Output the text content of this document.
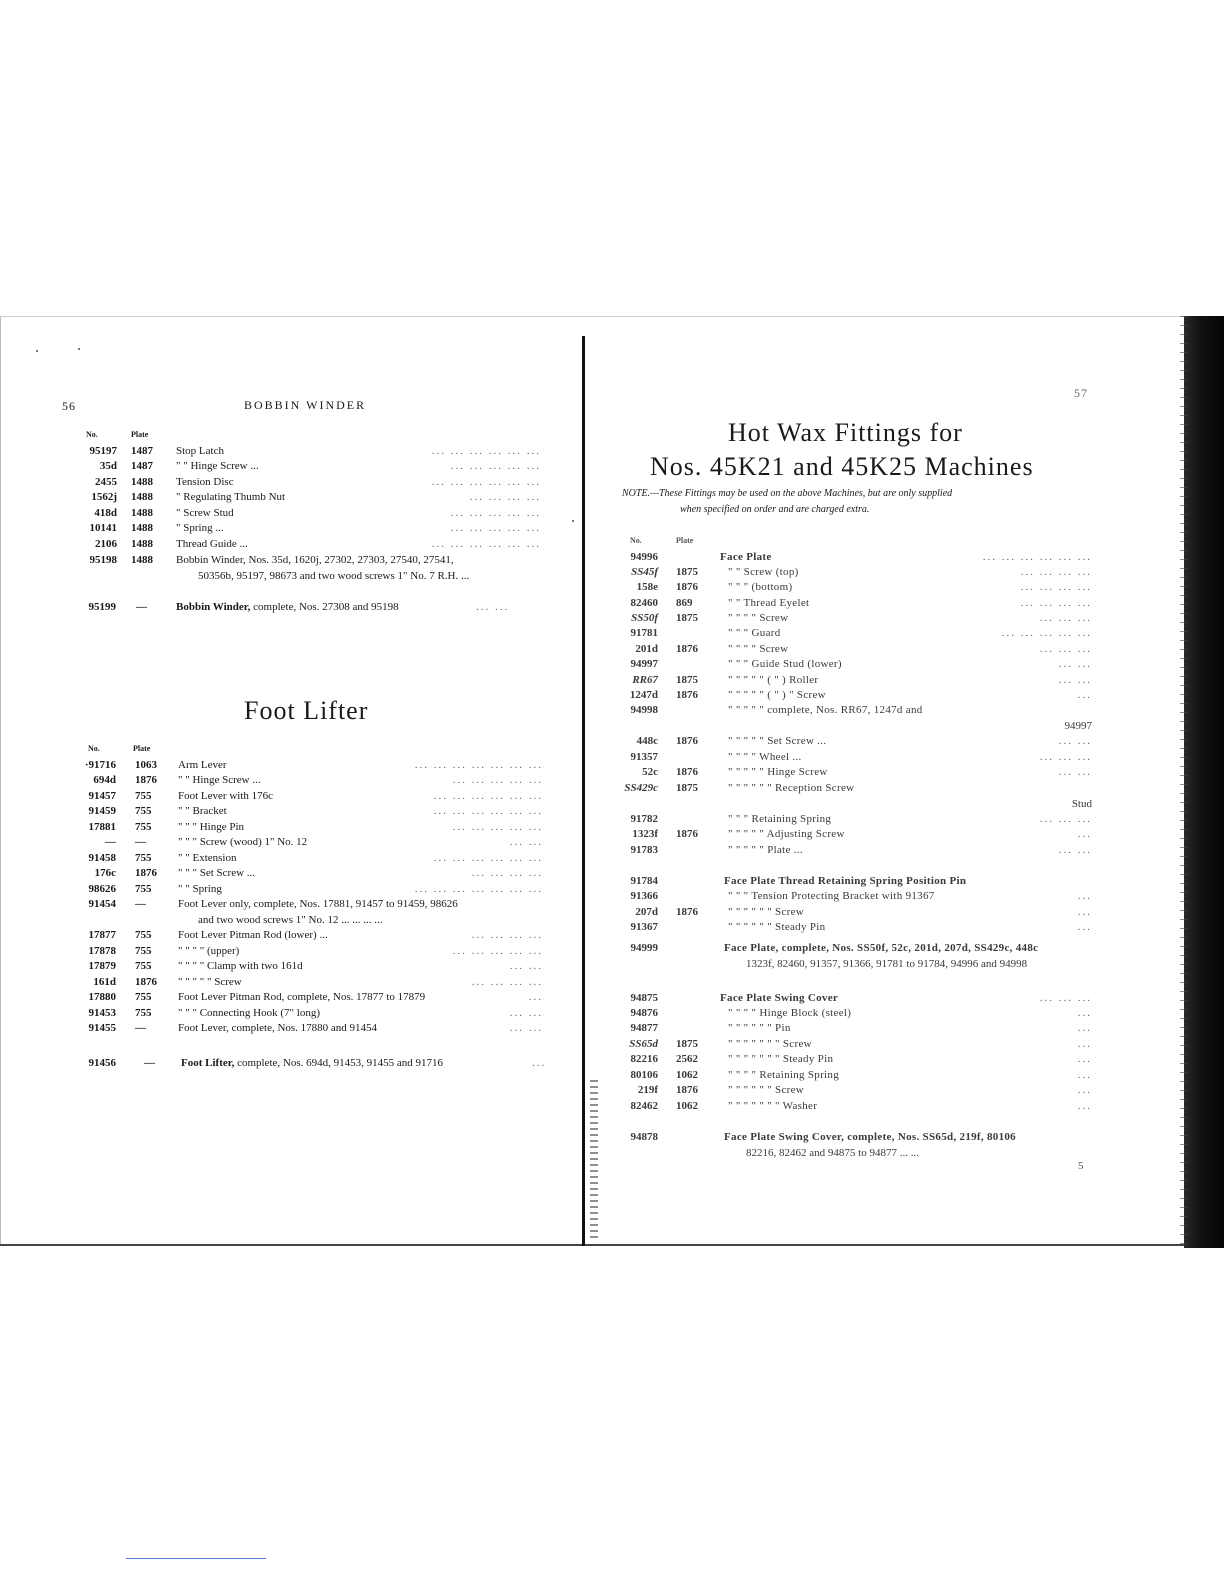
56	BOBBIN WINDER
No.	Plate
95197 1487 Stop Latch	... ... ... ... ... ...
35d 1487 " " Hinge Screw ...	... ... ... ... ...
2455 1488 Tension Disc	... ... ... ... ... ...
1562j 1488 " Regulating Thumb Nut	... ... ... ...
418d 1488 " Screw Stud	... ... ... ... ...
10141 1488 " Spring ...	... ... ... ... ...
2106 1488 Thread Guide ...	... ... ... ... ... ...
95198 1488 Bobbin Winder, Nos. 35d, 1620j, 27302, 27303, 27540, 27541,
50356b, 95197, 98673 and two wood screws 1" No. 7 R.H. ...
95199 —	Bobbin Winder, complete, Nos. 27308 and 95198	... ...
Foot Lifter
No.	Plate
·91716 1063 Arm Lever	... ... ... ... ... ... ...
694d 1876 " " Hinge Screw ...	... ... ... ... ...
91457 755 Foot Lever with 176c	... ... ... ... ... ...
91459 755 " " Bracket	... ... ... ... ... ...
17881 755 " " " Hinge Pin	... ... ... ... ...
— —	" " " Screw (wood) 1" No. 12	... ...
91458 755 " " Extension	... ... ... ... ... ...
176c 1876 " " " Set Screw ...	... ... ... ...
98626 755 " " Spring	... ... ... ... ... ... ...
91454 —	Foot Lever only, complete, Nos. 17881, 91457 to 91459, 98626
and two wood screws 1" No. 12 ... ... ... ...
17877 755 Foot Lever Pitman Rod (lower) ...	... ... ... ...
17878 755 " " " " (upper)	... ... ... ... ...
17879 755 " " " " Clamp with two 161d	... ...
161d 1876 " " " " " Screw	... ... ... ...
17880 755 Foot Lever Pitman Rod, complete, Nos. 17877 to 17879	...
91453 755 " " " Connecting Hook (7" long)	... ...
91455 —	Foot Lever, complete, Nos. 17880 and 91454	... ...
91456	— Foot Lifter, complete, Nos. 694d, 91453, 91455 and 91716	...
57
Hot Wax Fittings for
Nos. 45K21 and 45K25 Machines
NOTE.—These Fittings may be used on the above Machines, but are only supplied
when specified on order and are charged extra.
No.	Plate
94996	Face Plate	... ... ... ... ... ...
SS45f 1875	" " Screw (top)	... ... ... ...
158e 1876	" " " (bottom)	... ... ... ...
82460 869	" " Thread Eyelet	... ... ... ...
SS50f 1875	" " " " Screw	... ... ...
91781	" " " Guard	... ... ... ... ...
201d 1876	" " " " Screw	... ... ...
94997	" " " Guide Stud (lower)	... ...
RR67 1875	" " " " " ( " ) Roller	... ...
1247d 1876	" " " " " ( " ) " Screw	...
94998	" " " " " complete, Nos. RR67, 1247d and
94997
448c 1876	" " " " " Set Screw ...	... ...
91357	" " " " Wheel ...	... ... ...
52c 1876	" " " " " Hinge Screw	... ...
SS429c 1875	" " " " " " Reception Screw
Stud
91782	" " " Retaining Spring	... ... ...
1323f 1876	" " " " " Adjusting Screw	...
91783	" " " " " Plate ...	... ...
91784	Face Plate Thread Retaining Spring Position Pin
91366	" " " Tension Protecting Bracket with 91367	...
207d 1876	" " " " " " Screw	...
91367	" " " " " " Steady Pin	...
94999	Face Plate, complete, Nos. SS50f, 52c, 201d, 207d, SS429c, 448c
1323f, 82460, 91357, 91366, 91781 to 91784, 94996 and 94998
94875	Face Plate Swing Cover	... ... ...
94876	" " " " Hinge Block (steel)	...
94877	" " " " " " Pin	...
SS65d 1875	" " " " " " " Screw	...
82216 2562	" " " " " " " Steady Pin	...
80106 1062	" " " " Retaining Spring	...
219f 1876	" " " " " " Screw	...
82462 1062	" " " " " " " Washer	...
94878	Face Plate Swing Cover, complete, Nos. SS65d, 219f, 80106
82216, 82462 and 94875 to 94877 ... ...
5
